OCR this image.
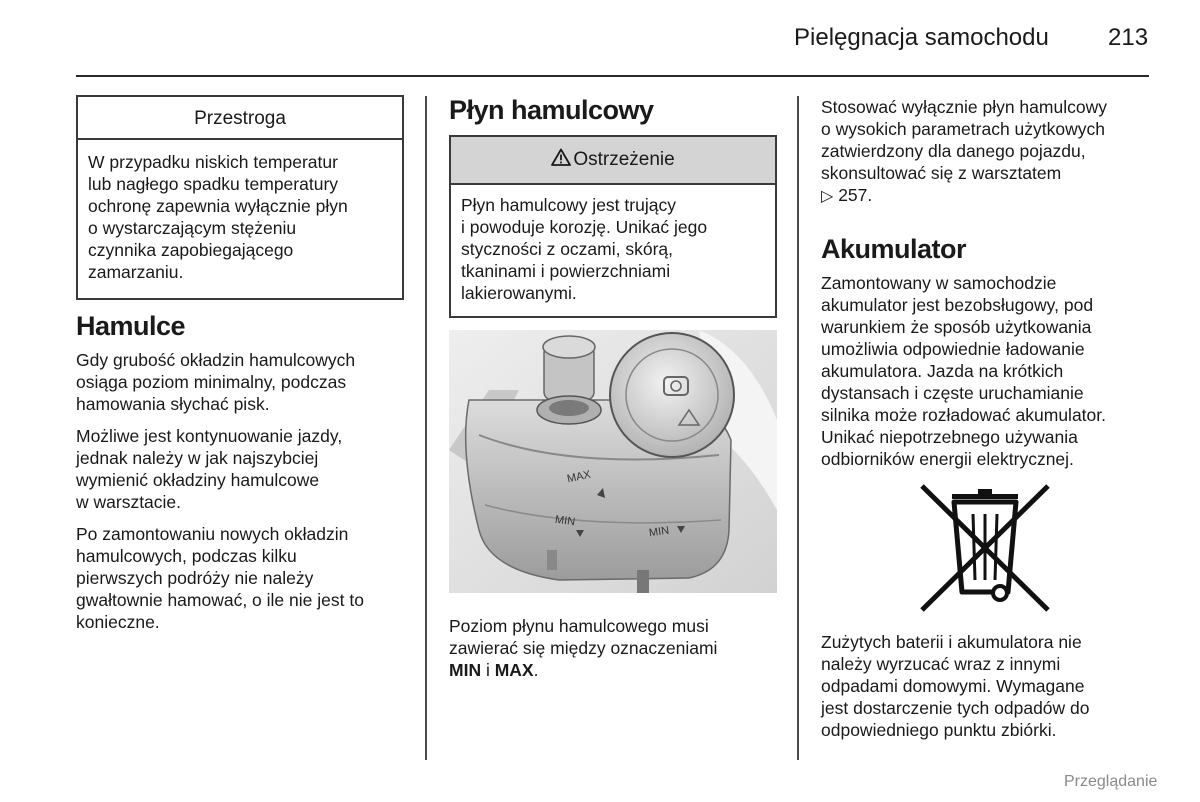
Pielęgnacja samochodu 213
Przestroga
W przypadku niskich temperatur
lub nagłego spadku temperatury
ochronę zapewnia wyłącznie płyn
o wystarczającym stężeniu
czynnika zapobiegającego
zamarzaniu.
Hamulce
Gdy grubość okładzin hamulcowych
osiąga poziom minimalny, podczas
hamowania słychać pisk.
Możliwe jest kontynuowanie jazdy,
jednak należy w jak najszybciej
wymienić okładziny hamulcowe
w warsztacie.
Po zamontowaniu nowych okładzin
hamulcowych, podczas kilku
pierwszych podróży nie należy
gwałtownie hamować, o ile nie jest to
konieczne.
Płyn hamulcowy
Ostrzeżenie
Płyn hamulcowy jest trujący
i powoduje korozję. Unikać jego
styczności z oczami, skórą,
tkaninami i powierzchniami
lakierowanymi.
MAX
MIN
MIN
Poziom płynu hamulcowego musi
zawierać się między oznaczeniami
MIN i MAX.
Stosować wyłącznie płyn hamulcowy
o wysokich parametrach użytkowych
zatwierdzony dla danego pojazdu,
skonsultować się z warsztatem
▷ 257.
Akumulator
Zamontowany w samochodzie
akumulator jest bezobsługowy, pod
warunkiem że sposób użytkowania
umożliwia odpowiednie ładowanie
akumulatora. Jazda na krótkich
dystansach i częste uruchamianie
silnika może rozładować akumulator.
Unikać niepotrzebnego używania
odbiorników energii elektrycznej.
Zużytych baterii i akumulatora nie
należy wyrzucać wraz z innymi
odpadami domowymi. Wymagane
jest dostarczenie tych odpadów do
odpowiedniego punktu zbiórki.
Przeglądanie
